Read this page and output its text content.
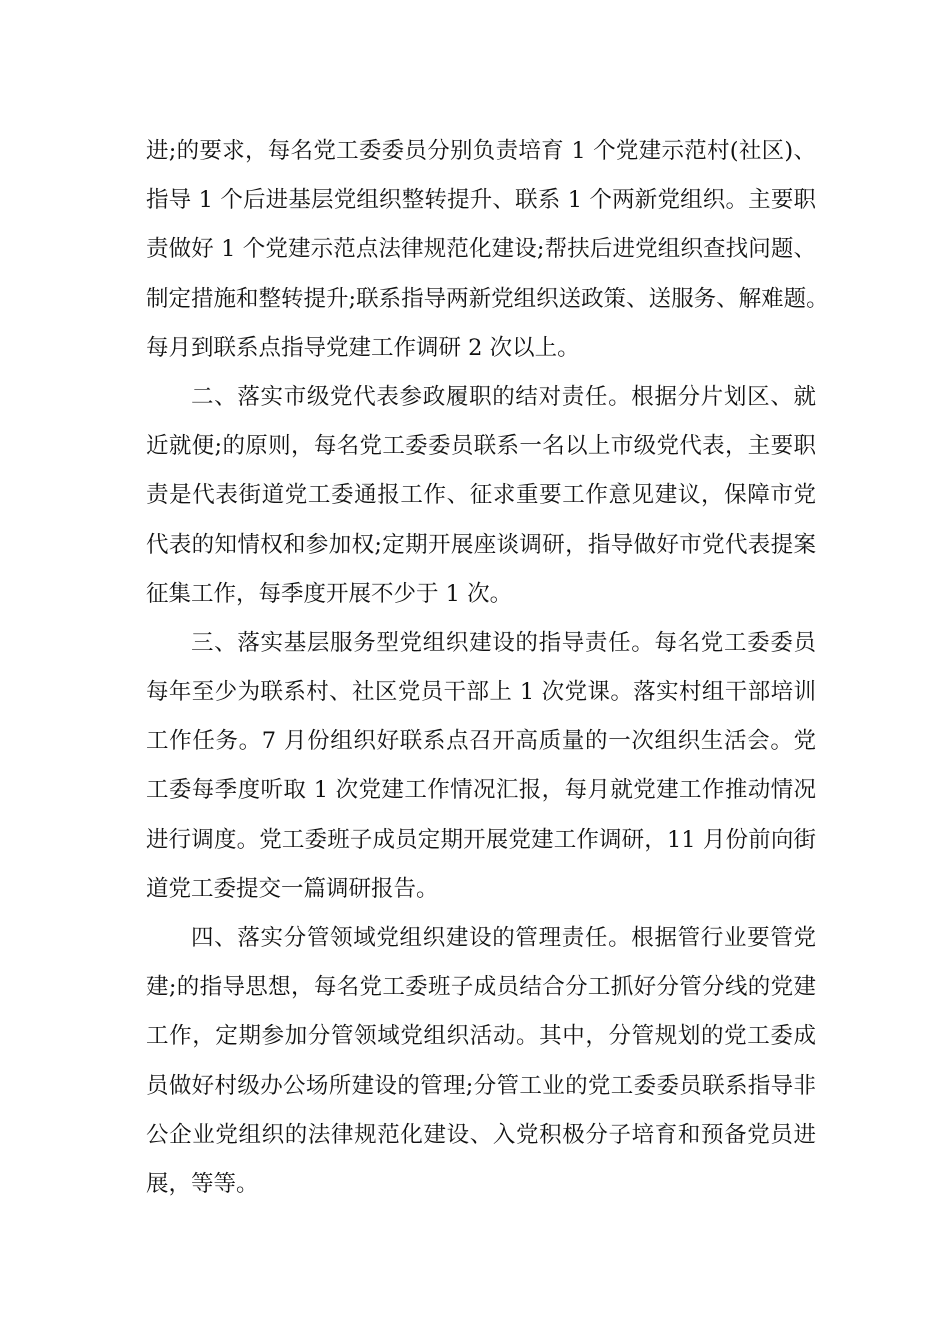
进;的要求，每名党工委委员分别负责培育 1 个党建示范村(社区)、
指导 1 个后进基层党组织整转提升、联系 1 个两新党组织。主要职
责做好 1 个党建示范点法律规范化建设;帮扶后进党组织查找问题、
制定措施和整转提升;联系指导两新党组织送政策、送服务、解难题。
每月到联系点指导党建工作调研 2 次以上。
二、落实市级党代表参政履职的结对责任。根据分片划区、就
近就便;的原则，每名党工委委员联系一名以上市级党代表，主要职
责是代表街道党工委通报工作、征求重要工作意见建议，保障市党
代表的知情权和参加权;定期开展座谈调研，指导做好市党代表提案
征集工作，每季度开展不少于 1 次。
三、落实基层服务型党组织建设的指导责任。每名党工委委员
每年至少为联系村、社区党员干部上 1 次党课。落实村组干部培训
工作任务。7 月份组织好联系点召开高质量的一次组织生活会。党
工委每季度听取 1 次党建工作情况汇报，每月就党建工作推动情况
进行调度。党工委班子成员定期开展党建工作调研，11 月份前向街
道党工委提交一篇调研报告。
四、落实分管领域党组织建设的管理责任。根据管行业要管党
建;的指导思想，每名党工委班子成员结合分工抓好分管分线的党建
工作，定期参加分管领域党组织活动。其中，分管规划的党工委成
员做好村级办公场所建设的管理;分管工业的党工委委员联系指导非
公企业党组织的法律规范化建设、入党积极分子培育和预备党员进
展，等等。
